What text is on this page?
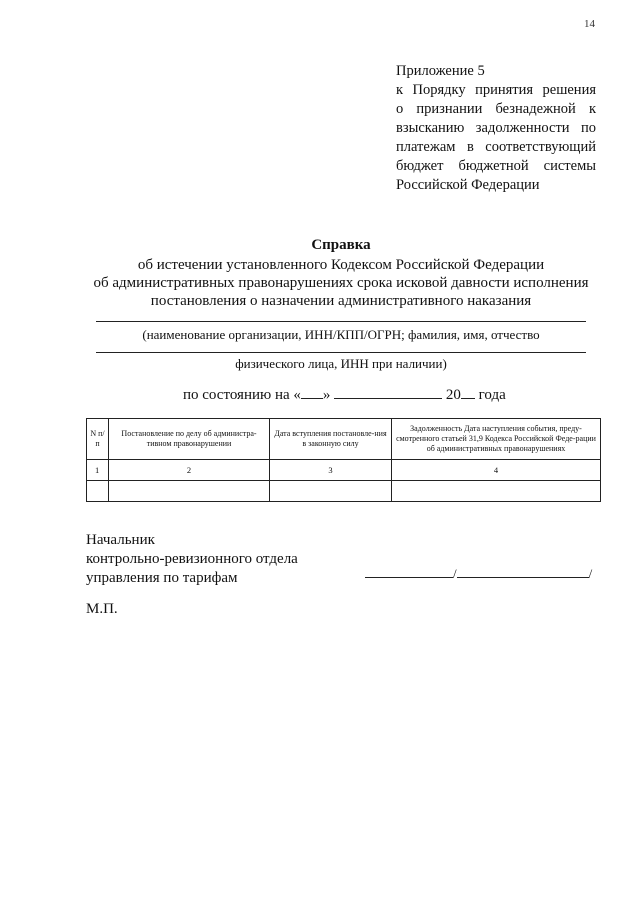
14
Приложение 5
к Порядку принятия решения
о признании безнадежной к
взысканию задолженности по
платежам в соответствующий
бюджет бюджетной системы
Российской Федерации
Справка
об истечении установленного Кодексом Российской Федерации
об административных правонарушениях срока исковой давности исполнения
постановления о назначении административного наказания
(наименование организации, ИНН/КПП/ОГРН; фамилия, имя, отчество
физического лица, ИНН при наличии)
по состоянию на « »	20 года
N п/п	Постановление по делу об администра-тивном правонарушении	Дата вступления постановле-ния в законную силу	Задолженность Дата наступления события, преду-смотренного статьей 31,9 Кодекса Российской Феде-рации об административных правонарушениях
1	2	3	4

Начальник
контрольно-ревизионного отдела
управления по тарифам	/	/
М.П.
